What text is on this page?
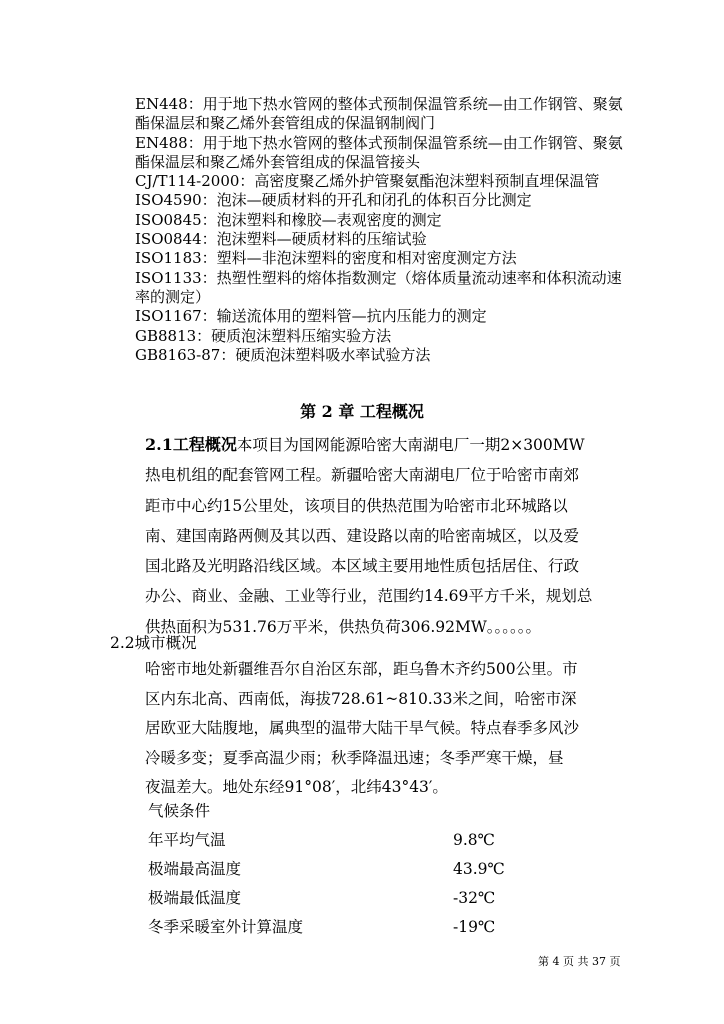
EN448：用于地下热水管网的整体式预制保温管系统—由工作钢管、聚氨酯保温层和聚乙烯外套管组成的保温钢制阀门
EN488：用于地下热水管网的整体式预制保温管系统—由工作钢管、聚氨酯保温层和聚乙烯外套管组成的保温管接头
CJ/T114-2000：高密度聚乙烯外护管聚氨酯泡沫塑料预制直埋保温管
ISO4590：泡沫—硬质材料的开孔和闭孔的体积百分比测定
ISO0845：泡沫塑料和橡胶—表观密度的测定
ISO0844：泡沫塑料—硬质材料的压缩试验
ISO1183：塑料—非泡沫塑料的密度和相对密度测定方法
ISO1133：热塑性塑料的熔体指数测定（熔体质量流动速率和体积流动速率的测定）
ISO1167：输送流体用的塑料管—抗内压能力的测定
GB8813：硬质泡沫塑料压缩实验方法
GB8163-87：硬质泡沫塑料吸水率试验方法
第 2 章 工程概况
2.1工程概况本项目为国网能源哈密大南湖电厂一期2×300MW
热电机组的配套管网工程。新疆哈密大南湖电厂位于哈密市南郊
距市中心约15公里处，该项目的供热范围为哈密市北环城路以
南、建国南路两侧及其以西、建设路以南的哈密南城区，以及爱
国北路及光明路沿线区域。本区域主要用地性质包括居住、行政
办公、商业、金融、工业等行业，范围约14.69平方千米，规划总
供热面积为531.76万平米，供热负荷306.92MW。。。。。。
2.2城市概况
哈密市地处新疆维吾尔自治区东部，距乌鲁木齐约500公里。市
区内东北高、西南低，海拔728.61~810.33米之间，哈密市深
居欧亚大陆腹地，属典型的温带大陆干旱气候。特点春季多风沙
冷暖多变；夏季高温少雨；秋季降温迅速；冬季严寒干燥，昼
夜温差大。地处东经91°08′，北纬43°43′。
气候条件
年平均气温	9.8℃
极端最高温度	43.9℃
极端最低温度	-32℃
冬季采暖室外计算温度	-19℃
第 4 页 共 37 页
